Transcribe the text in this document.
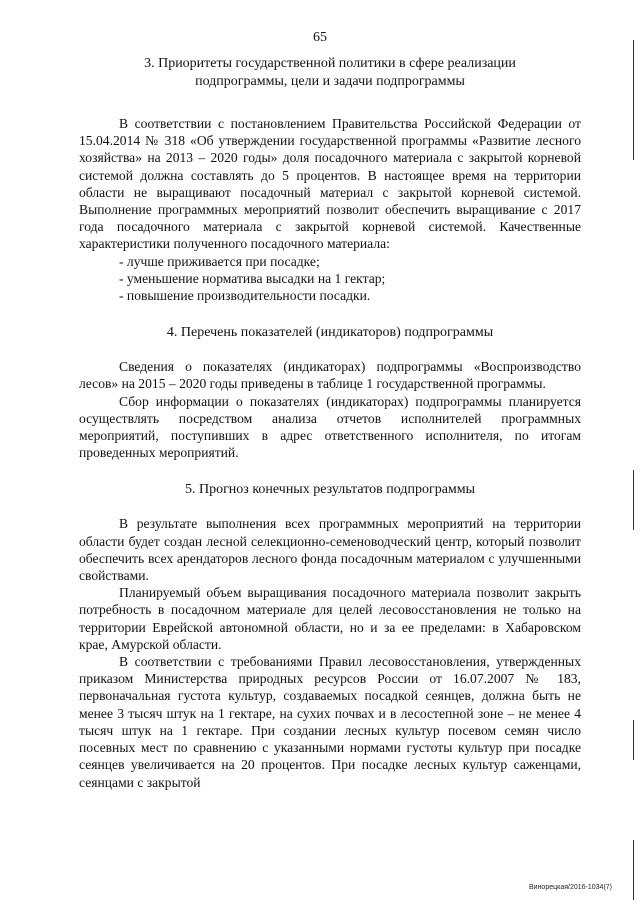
65
3. Приоритеты государственной политики в сфере реализации
подпрограммы, цели и задачи подпрограммы

В соответствии с постановлением Правительства Российской Федерации от 15.04.2014 № 318 «Об утверждении государственной программы «Развитие лесного хозяйства» на 2013 – 2020 годы» доля посадочного материала с закрытой корневой системой должна составлять до 5 процентов. В настоящее время на территории области не выращивают посадочный материал с закрытой корневой системой. Выполнение программных мероприятий позволит обеспечить выращивание с 2017 года посадочного материала с закрытой корневой системой. Качественные характеристики полученного посадочного материала:

- лучше приживается при посадке;

- уменьшение норматива высадки на 1 гектар;

- повышение производительности посадки.

4. Перечень показателей (индикаторов) подпрограммы

Сведения о показателях (индикаторах) подпрограммы «Воспроизводство лесов» на 2015 – 2020 годы приведены в таблице 1 государственной программы.

Сбор информации о показателях (индикаторах) подпрограммы планируется осуществлять посредством анализа отчетов исполнителей программных мероприятий, поступивших в адрес ответственного исполнителя, по итогам проведенных мероприятий.

5. Прогноз конечных результатов подпрограммы

В результате выполнения всех программных мероприятий на территории области будет создан лесной селекционно-семеноводческий центр, который позволит обеспечить всех арендаторов лесного фонда посадочным материалом с улучшенными свойствами.

Планируемый объем выращивания посадочного материала позволит закрыть потребность в посадочном материале для целей лесовосстановления не только на территории Еврейской автономной области, но и за ее пределами: в Хабаровском крае, Амурской области.

В соответствии с требованиями Правил лесовосстановления, утвержденных приказом Министерства природных ресурсов России от 16.07.2007 № 183, первоначальная густота культур, создаваемых посадкой сеянцев, должна быть не менее 3 тысяч штук на 1 гектаре, на сухих почвах и в лесостепной зоне – не менее 4 тысяч штук на 1 гектаре. При создании лесных культур посевом семян число посевных мест по сравнению с указанными нормами густоты культур при посадке сеянцев увеличивается на 20 процентов. При посадке лесных культур саженцами, сеянцами с закрытой

Винорецкая/2016-1034(7)
